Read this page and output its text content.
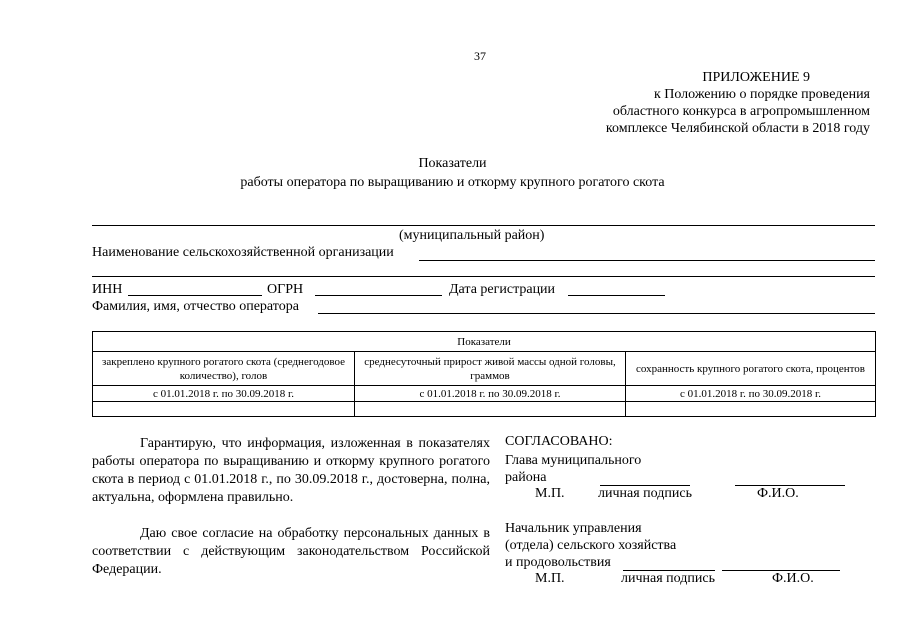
37
ПРИЛОЖЕНИЕ 9
к Положению о порядке проведения
областного конкурса в агропромышленном
комплексе Челябинской области в 2018 году
Показатели
работы оператора по выращиванию и откорму крупного рогатого скота
(муниципальный район)
Наименование сельскохозяйственной организации
ИНН	ОГРН	Дата регистрации
Фамилия, имя, отчество оператора
Показатели		
закреплено крупного рогатого скота (среднегодовое количество), голов	среднесуточный прирост живой массы одной головы, граммов	сохранность крупного рогатого скота, процентов
с 01.01.2018 г. по 30.09.2018 г.	с 01.01.2018 г. по 30.09.2018 г.	с 01.01.2018 г. по 30.09.2018 г.

Гарантирую, что информация, изложенная в показателях работы оператора по выращиванию и откорму крупного рогатого скота в период с 01.01.2018 г., по 30.09.2018 г., достоверна, полна, актуальна, оформлена правильно.
Даю свое согласие на обработку персональных данных в соответствии с действующим законодательством Российской Федерации.
СОГЛАСОВАНО:
Глава муниципального
района
М.П. личная подпись	Ф.И.О.
Начальник управления
(отдела) сельского хозяйства
и продовольствия
М.П.	личная подпись	Ф.И.О.
